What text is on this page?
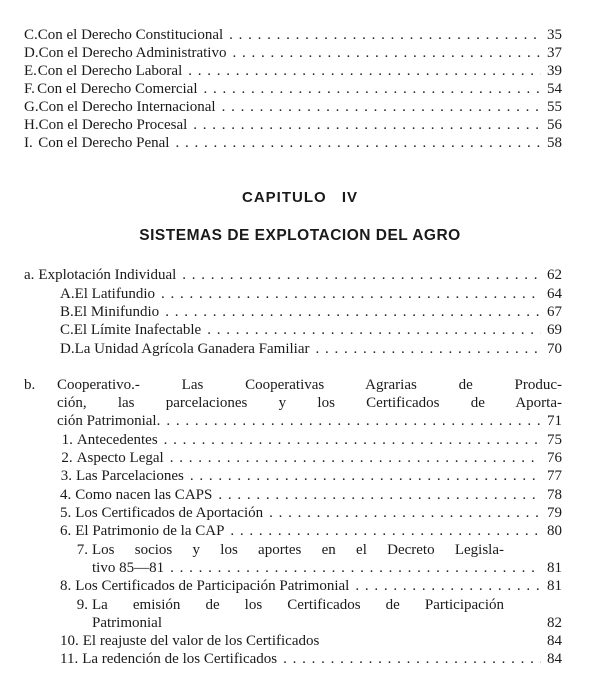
C. Con el Derecho Constitucional . . .	35
D. Con el Derecho Administrativo . . .	37
E. Con el Derecho Laboral . . .	39
F. Con el Derecho Comercial . . .	54
G. Con el Derecho Internacional . . .	55
H. Con el Derecho Procesal . . .	56
I. Con el Derecho Penal . . .	58
CAPITULO IV
SISTEMAS DE EXPLOTACION DEL AGRO
a. Explotación Individual . . .	62
A. El Latifundio . . .	64
B. El Minifundio . . .	67
C. El Límite Inafectable . . .	69
D. La Unidad Agrícola Ganadera Familiar . . .	70
b. Cooperativo.- Las Cooperativas Agrarias de Produc-
ción, las parcelaciones y los Certificados de Aporta-
ción Patrimonial. . . .	71
1. Antecedentes . . .	75
2. Aspecto Legal . . .	76
3. Las Parcelaciones . . .	77
4. Como nacen las CAPS . . .	78
5. Los Certificados de Aportación . . .	79
6. El Patrimonio de la CAP . . .	80
7. Los socios y los aportes en el Decreto Legisla-
tivo 85—81 . . .	81
8. Los Certificados de Participación Patrimonial . . .	81
9. La emisión de los Certificados de Participación
Patrimonial	82
10. El reajuste del valor de los Certificados	84
11. La redención de los Certificados . . .	84
